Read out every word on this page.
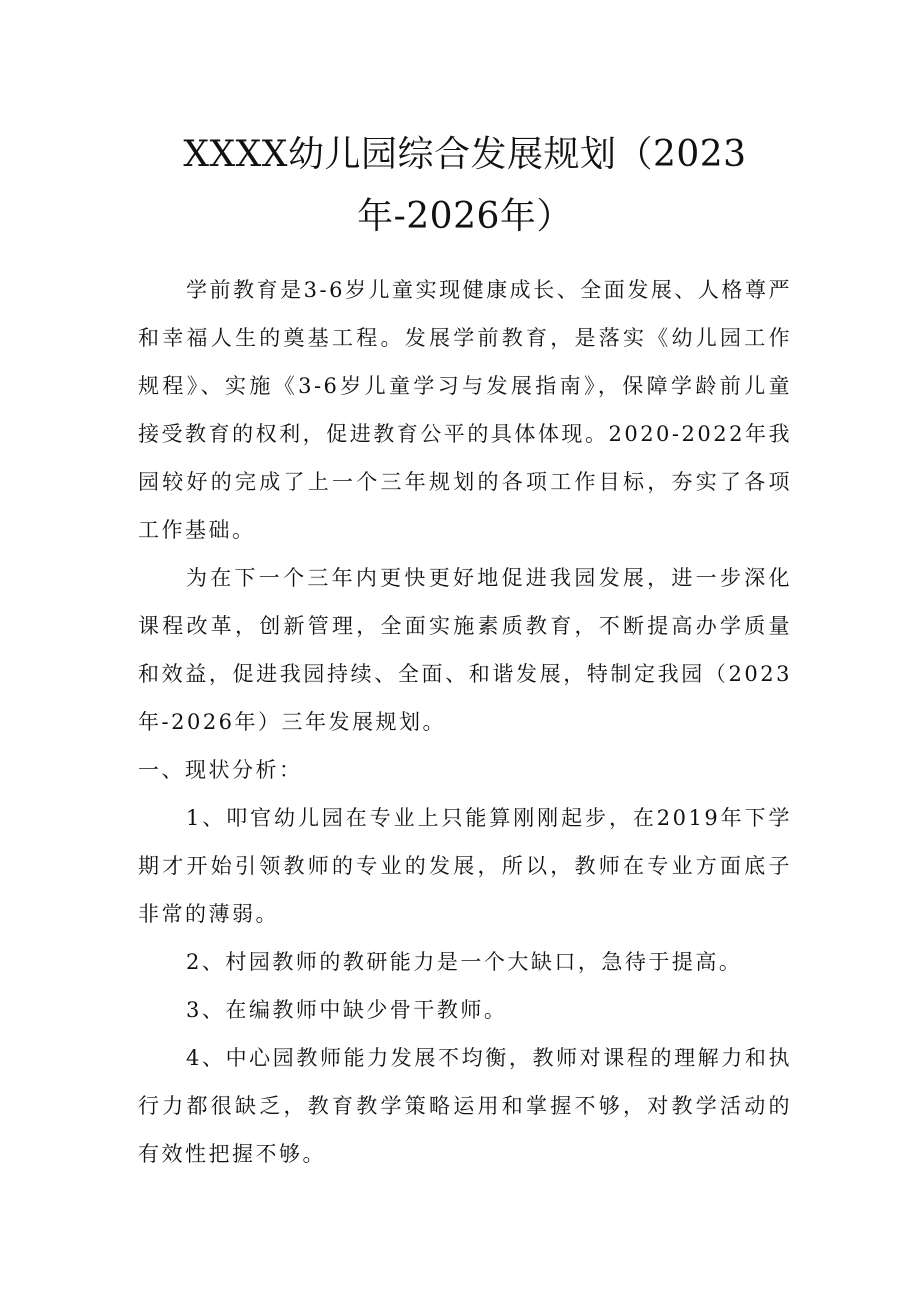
XXXX幼儿园综合发展规划（2023年-2026年）

学前教育是3-6岁儿童实现健康成长、全面发展、人格尊严和幸福人生的奠基工程。发展学前教育，是落实《幼儿园工作规程》、实施《3-6岁儿童学习与发展指南》，保障学龄前儿童接受教育的权利，促进教育公平的具体体现。2020-2022年我园较好的完成了上一个三年规划的各项工作目标，夯实了各项工作基础。

为在下一个三年内更快更好地促进我园发展，进一步深化课程改革，创新管理，全面实施素质教育，不断提高办学质量和效益，促进我园持续、全面、和谐发展，特制定我园（2023年-2026年）三年发展规划。

一、现状分析：

1、叩官幼儿园在专业上只能算刚刚起步，在2019年下学期才开始引领教师的专业的发展，所以，教师在专业方面底子非常的薄弱。

2、村园教师的教研能力是一个大缺口，急待于提高。

3、在编教师中缺少骨干教师。

4、中心园教师能力发展不均衡，教师对课程的理解力和执行力都很缺乏，教育教学策略运用和掌握不够，对教学活动的有效性把握不够。
